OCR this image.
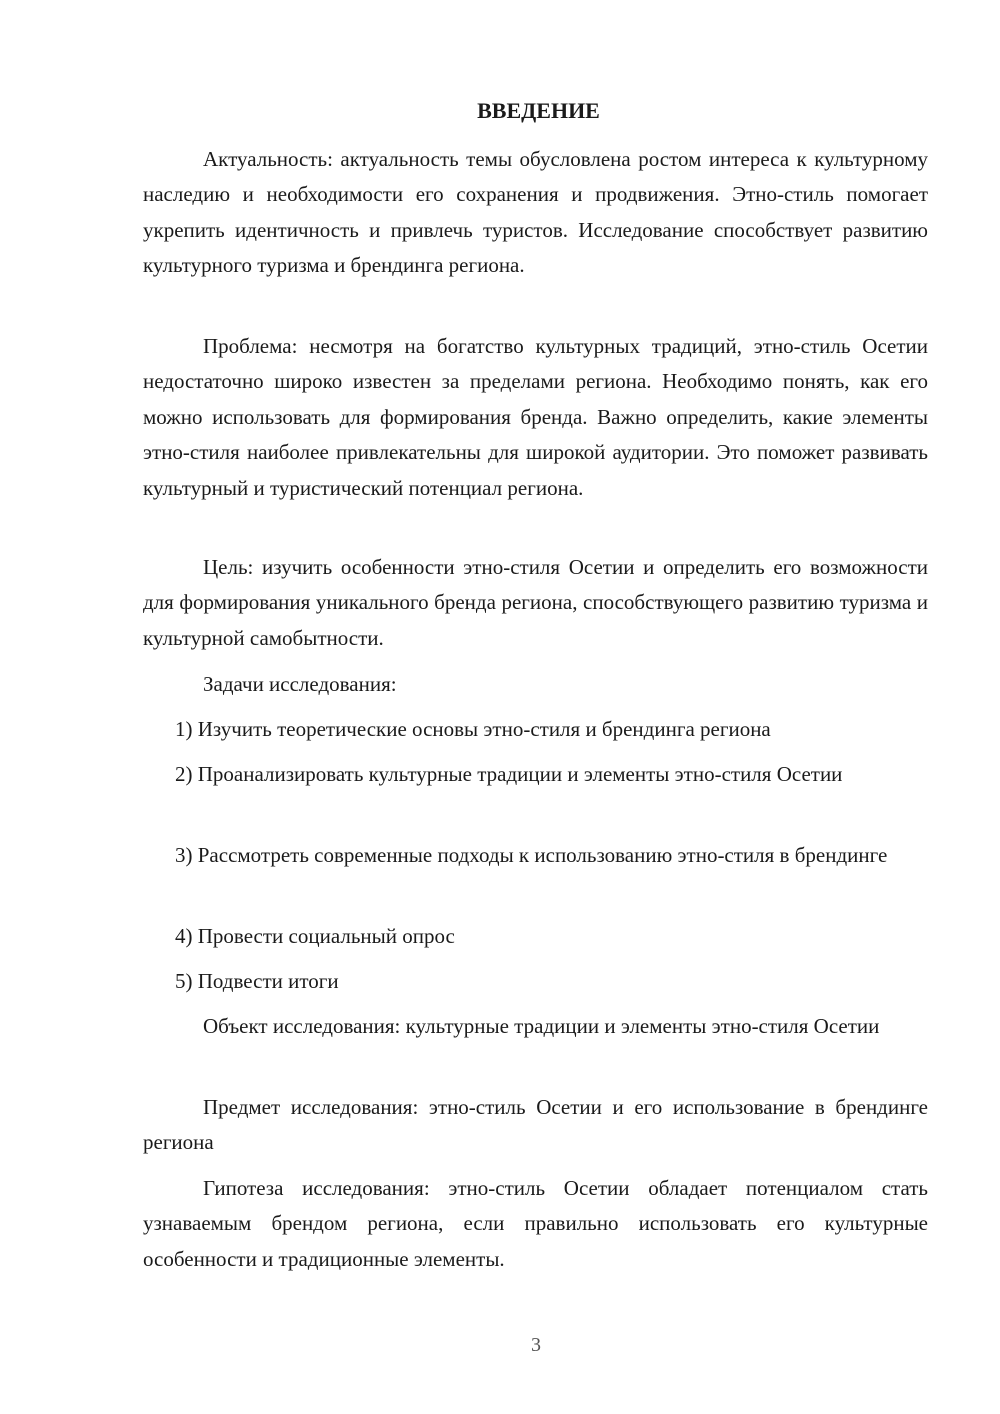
ВВЕДЕНИЕ

Актуальность: актуальность темы обусловлена ростом интереса к культурному наследию и необходимости его сохранения и продвижения. Этно-стиль помогает укрепить идентичность и привлечь туристов. Исследование способствует развитию культурного туризма и брендинга региона.

Проблема: несмотря на богатство культурных традиций, этно-стиль Осетии недостаточно широко известен за пределами региона. Необходимо понять, как его можно использовать для формирования бренда. Важно определить, какие элементы этно-стиля наиболее привлекательны для широкой аудитории. Это поможет развивать культурный и туристический потенциал региона.

Цель: изучить особенности этно-стиля Осетии и определить его возможности для формирования уникального бренда региона, способствующего развитию туризма и культурной самобытности.

Задачи исследования:

1) Изучить теоретические основы этно-стиля и брендинга региона

2) Проанализировать культурные традиции и элементы этно-стиля Осетии

3) Рассмотреть современные подходы к использованию этно-стиля в брендинге

4) Провести социальный опрос

5) Подвести итоги

Объект исследования: культурные традиции и элементы этно-стиля Осетии

Предмет исследования: этно-стиль Осетии и его использование в брендинге региона

Гипотеза исследования: этно-стиль Осетии обладает потенциалом стать узнаваемым брендом региона, если правильно использовать его культурные особенности и традиционные элементы.

3
